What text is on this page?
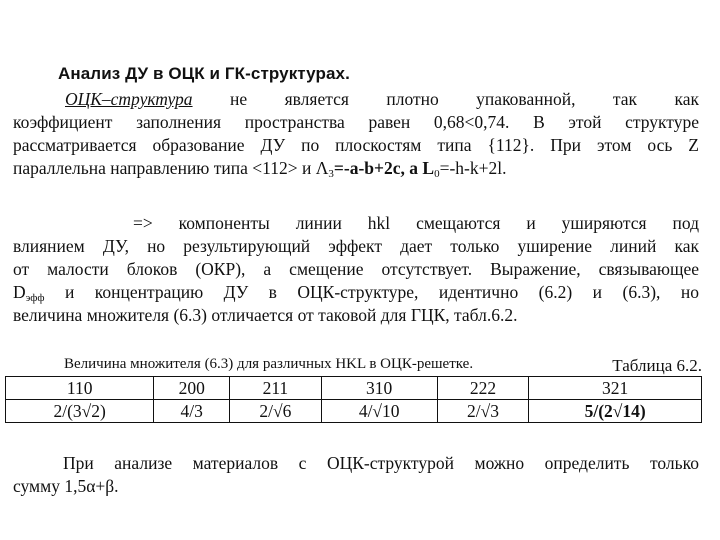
Анализ ДУ в ОЦК и ГК-структурах.
ОЦК–структура не является плотно упакованной, так как
коэффициент заполнения пространства равен 0,68<0,74. В этой структуре
рассматривается образование ДУ по плоскостям типа {112}. При этом ось Z
параллельна направлению типа <112> и $\Lambda_3=-a-b+2c$, а $L_0=-h-k+2l$.
=> компоненты линии hkl смещаются и уширяются под
влиянием ДУ, но результирующий эффект дает только уширение линий как
от малости блоков (ОКР), а смещение отсутствует. Выражение, связывающее
$D_{эфф}$ и концентрацию ДУ в ОЦК-структуре, идентично (6.2) и (6.3), но
величина множителя (6.3) отличается от таковой для ГЦК, табл.6.2.
Величина множителя (6.3) для различных HKL в ОЦК-решетке.	Таблица 6.2.
110	200	211	310	222	321
2/(3√2)	4/3	2/√6	4/√10	2/√3	5/(2√14)
При анализе материалов с ОЦК-структурой можно определить только
сумму 1,5α+β.
